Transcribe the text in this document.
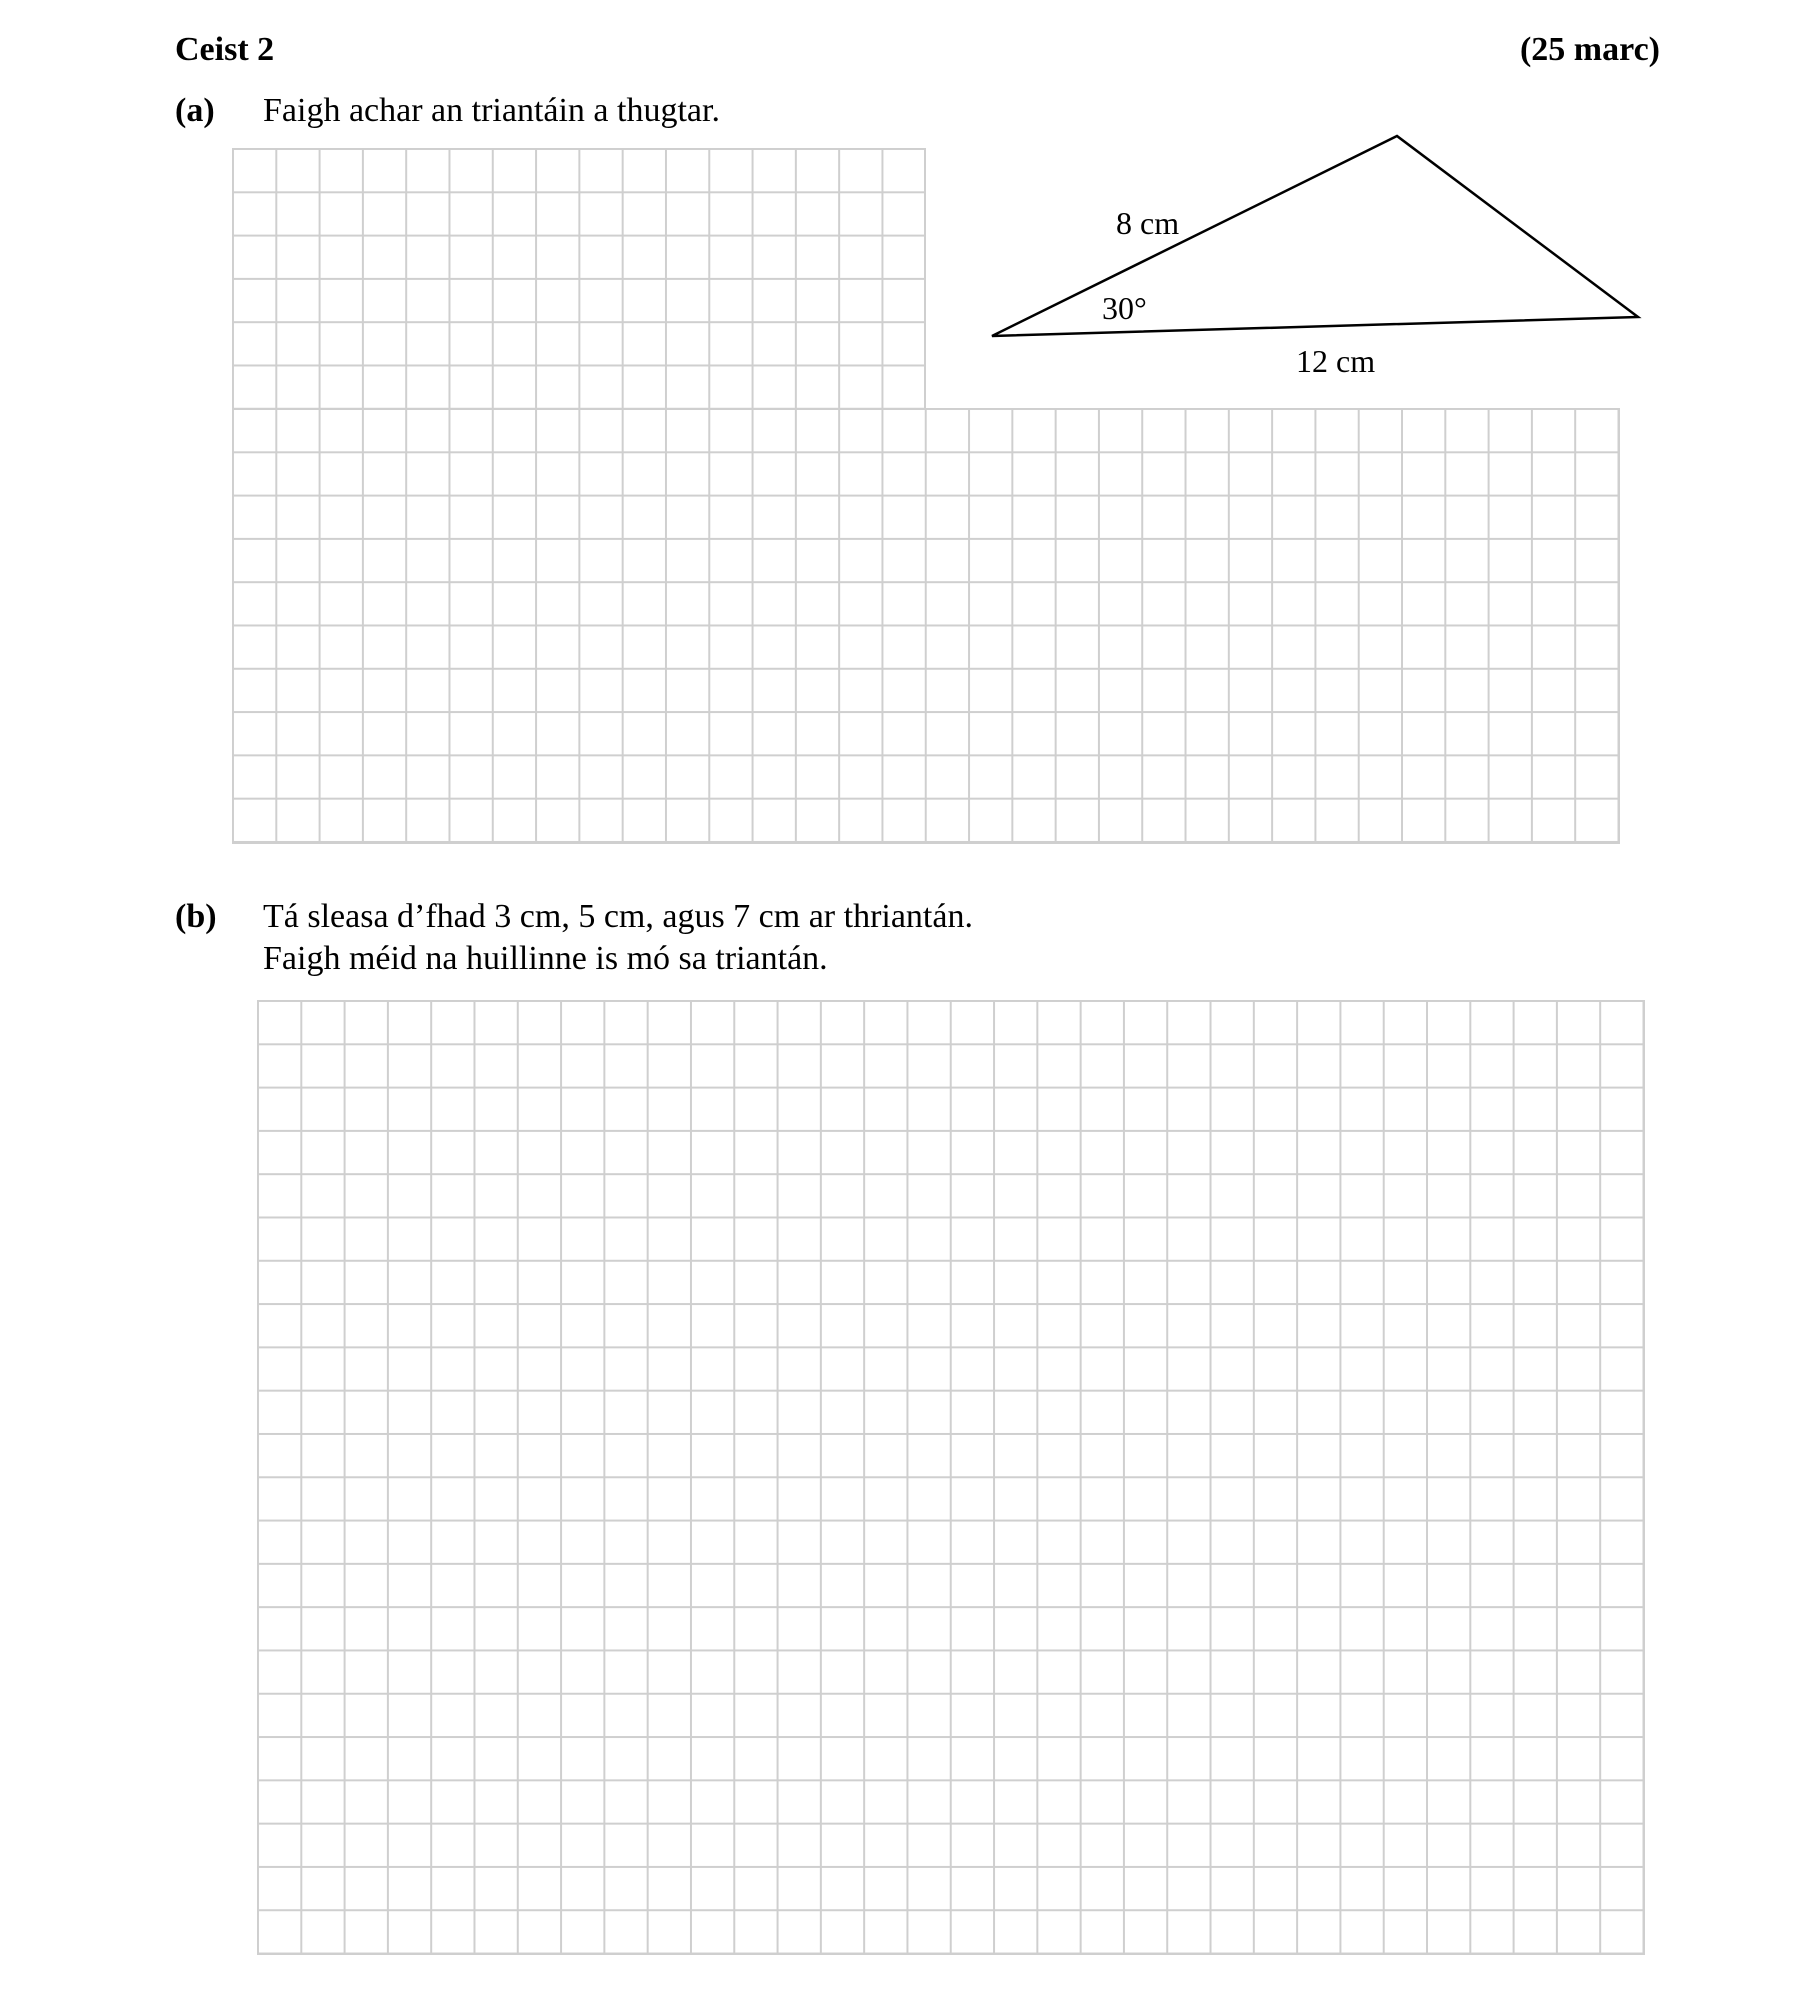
Ceist 2	(25 marc)
(a) Faigh achar an triantáin a thugtar.
8 cm
30°
12 cm
(b) Tá sleasa d’fhad 3 cm, 5 cm, agus 7 cm ar thriantán.
Faigh méid na huillinne is mó sa triantán.
